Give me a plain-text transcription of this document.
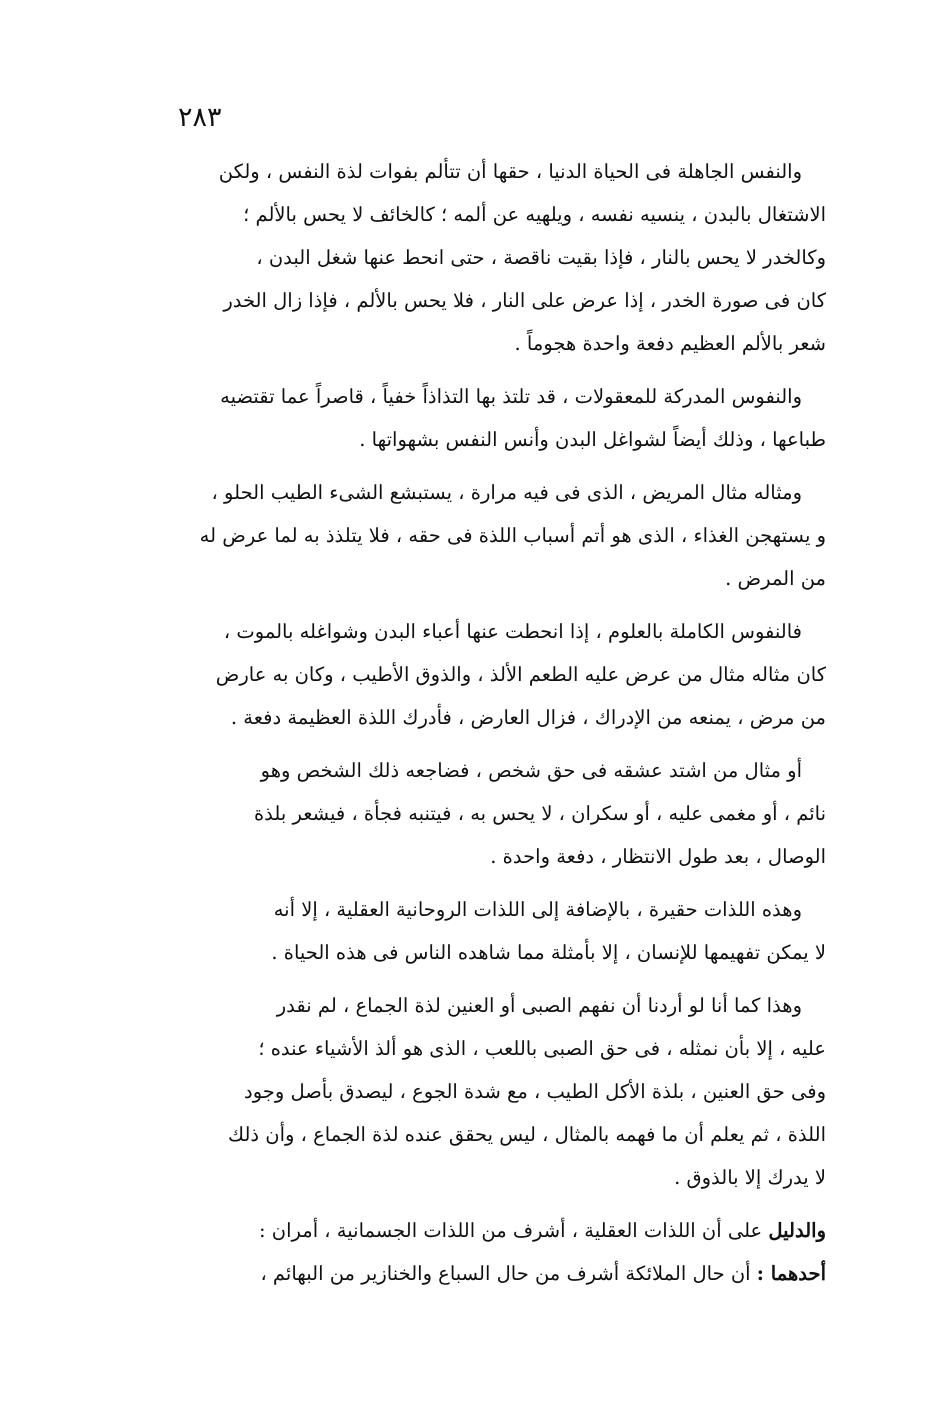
٢٨٣
والنفس الجاهلة فى الحياة الدنيا ، حقها أن تتألم بفوات لذة النفس ، ولكن
الاشتغال بالبدن ، ينسيه نفسه ، ويلهيه عن ألمه ؛ كالخائف لا يحس بالألم ؛
وكالخدر لا يحس بالنار ، فإذا بقيت ناقصة ، حتى انحط عنها شغل البدن ،
كان فى صورة الخدر ، إذا عرض على النار ، فلا يحس بالألم ، فإذا زال الخدر
شعر بالألم العظيم دفعة واحدة هجوماً .
والنفوس المدركة للمعقولات ، قد تلتذ بها التذاذاً خفياً ، قاصراً عما تقتضيه
طباعها ، وذلك أيضاً لشواغل البدن وأنس النفس بشهواتها .
ومثاله مثال المريض ، الذى فى فيه مرارة ، يستبشع الشىء الطيب الحلو ،
و يستهجن الغذاء ، الذى هو أتم أسباب اللذة فى حقه ، فلا يتلذذ به لما عرض له
من المرض .
فالنفوس الكاملة بالعلوم ، إذا انحطت عنها أعباء البدن وشواغله بالموت ،
كان مثاله مثال من عرض عليه الطعم الألذ ، والذوق الأطيب ، وكان به عارض
من مرض ، يمنعه من الإدراك ، فزال العارض ، فأدرك اللذة العظيمة دفعة .
أو مثال من اشتد عشقه فى حق شخص ، فضاجعه ذلك الشخص وهو
نائم ، أو مغمى عليه ، أو سكران ، لا يحس به ، فيتنبه فجأة ، فيشعر بلذة
الوصال ، بعد طول الانتظار ، دفعة واحدة .
وهذه اللذات حقيرة ، بالإضافة إلى اللذات الروحانية العقلية ، إلا أنه
لا يمكن تفهيمها للإنسان ، إلا بأمثلة مما شاهده الناس فى هذه الحياة .
وهذا كما أنا لو أردنا أن نفهم الصبى أو العنين لذة الجماع ، لم نقدر
عليه ، إلا بأن نمثله ، فى حق الصبى باللعب ، الذى هو ألذ الأشياء عنده ؛
وفى حق العنين ، بلذة الأكل الطيب ، مع شدة الجوع ، ليصدق بأصل وجود
اللذة ، ثم يعلم أن ما فهمه بالمثال ، ليس يحقق عنده لذة الجماع ، وأن ذلك
لا يدرك إلا بالذوق .
والدليل على أن اللذات العقلية ، أشرف من اللذات الجسمانية ، أمران :
أحدهما : أن حال الملائكة أشرف من حال السباع والخنازير من البهائم ،
